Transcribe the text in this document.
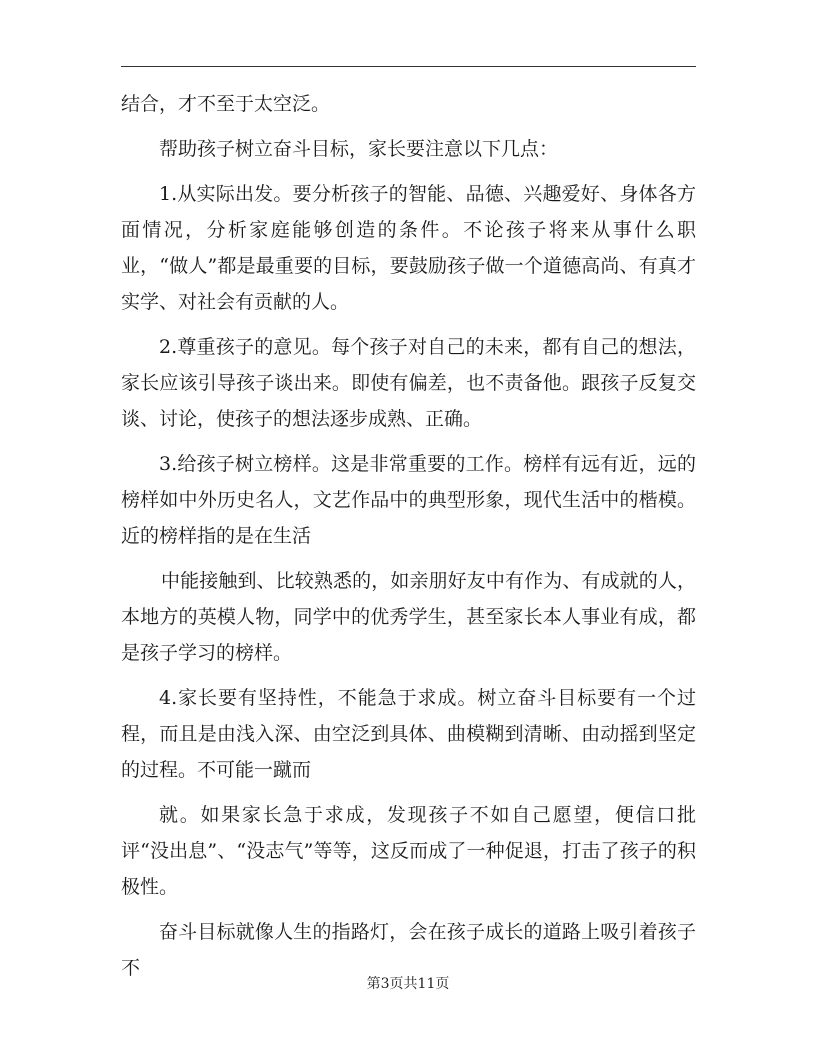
结合，才不至于太空泛。

帮助孩子树立奋斗目标，家长要注意以下几点：

1.从实际出发。要分析孩子的智能、品德、兴趣爱好、身体各方面情况，分析家庭能够创造的条件。不论孩子将来从事什么职业，“做人”都是最重要的目标，要鼓励孩子做一个道德高尚、有真才实学、对社会有贡献的人。

2.尊重孩子的意见。每个孩子对自己的未来，都有自己的想法，家长应该引导孩子谈出来。即使有偏差，也不责备他。跟孩子反复交谈、讨论，使孩子的想法逐步成熟、正确。

3.给孩子树立榜样。这是非常重要的工作。榜样有远有近，远的榜样如中外历史名人，文艺作品中的典型形象，现代生活中的楷模。近的榜样指的是在生活

中能接触到、比较熟悉的，如亲朋好友中有作为、有成就的人，本地方的英模人物，同学中的优秀学生，甚至家长本人事业有成，都是孩子学习的榜样。

4.家长要有坚持性，不能急于求成。树立奋斗目标要有一个过程，而且是由浅入深、由空泛到具体、曲模糊到清晰、由动摇到坚定的过程。不可能一蹴而

就。如果家长急于求成，发现孩子不如自己愿望，便信口批评“没出息”、“没志气”等等，这反而成了一种促退，打击了孩子的积极性。

奋斗目标就像人生的指路灯，会在孩子成长的道路上吸引着孩子不

第3页共11页
